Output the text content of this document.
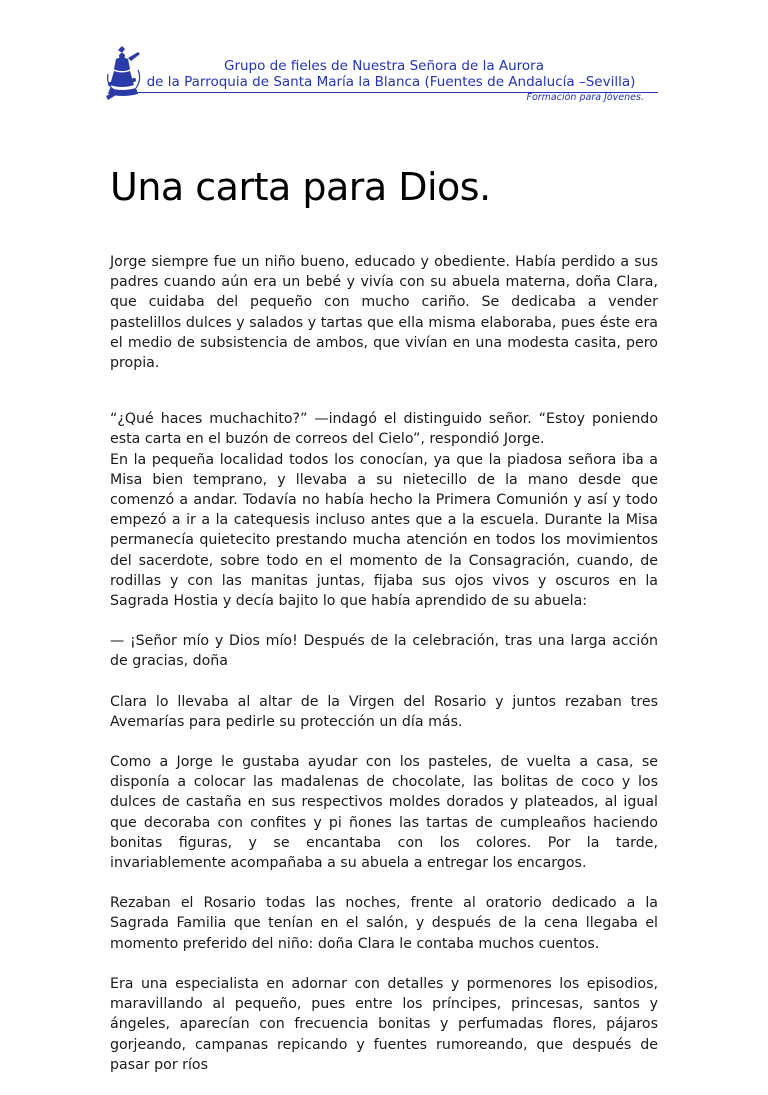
Grupo de fieles de Nuestra Señora de la Aurora
de la Parroquia de Santa María la Blanca (Fuentes de Andalucía –Sevilla)
Formación para Jóvenes.
Una carta para Dios.

Jorge siempre fue un niño bueno, educado y obediente. Había perdido a sus padres cuando aún era un bebé y vivía con su abuela materna, doña Clara, que cuidaba del pequeño con mucho cariño. Se dedicaba a vender pastelillos dulces y salados y tartas que ella misma elaboraba, pues éste era el medio de subsistencia de ambos, que vivían en una modesta casita, pero propia.

“¿Qué haces muchachito?” —indagó el distinguido señor. “Estoy poniendo esta carta en el buzón de correos del Cielo”, respondió Jorge.

En la pequeña localidad todos los conocían, ya que la piadosa señora iba a Misa bien temprano, y llevaba a su nietecillo de la mano desde que comenzó a andar. Todavía no había hecho la Primera Comunión y así y todo empezó a ir a la catequesis incluso antes que a la escuela. Durante la Misa permanecía quietecito prestando mucha atención en todos los movimientos del sacerdote, sobre todo en el momento de la Consagración, cuando, de rodillas y con las manitas juntas, fijaba sus ojos vivos y oscuros en la Sagrada Hostia y decía bajito lo que había aprendido de su abuela:

— ¡Señor mío y Dios mío! Después de la celebración, tras una larga acción de gracias, doña

Clara lo llevaba al altar de la Virgen del Rosario y juntos rezaban tres Avemarías para pedirle su protección un día más.

Como a Jorge le gustaba ayudar con los pasteles, de vuelta a casa, se disponía a colocar las madalenas de chocolate, las bolitas de coco y los dulces de castaña en sus respectivos moldes dorados y plateados, al igual que decoraba con confites y pi ñones las tartas de cumpleaños haciendo bonitas figuras, y se encantaba con los colores. Por la tarde, invariablemente acompañaba a su abuela a entregar los encargos.

Rezaban el Rosario todas las noches, frente al oratorio dedicado a la Sagrada Familia que tenían en el salón, y después de la cena llegaba el momento preferido del niño: doña Clara le contaba muchos cuentos.

Era una especialista en adornar con detalles y pormenores los episodios, maravillando al pequeño, pues entre los príncipes, princesas, santos y ángeles, aparecían con frecuencia bonitas y perfumadas flores, pájaros gorjeando, campanas repicando y fuentes rumoreando, que después de pasar por ríos
